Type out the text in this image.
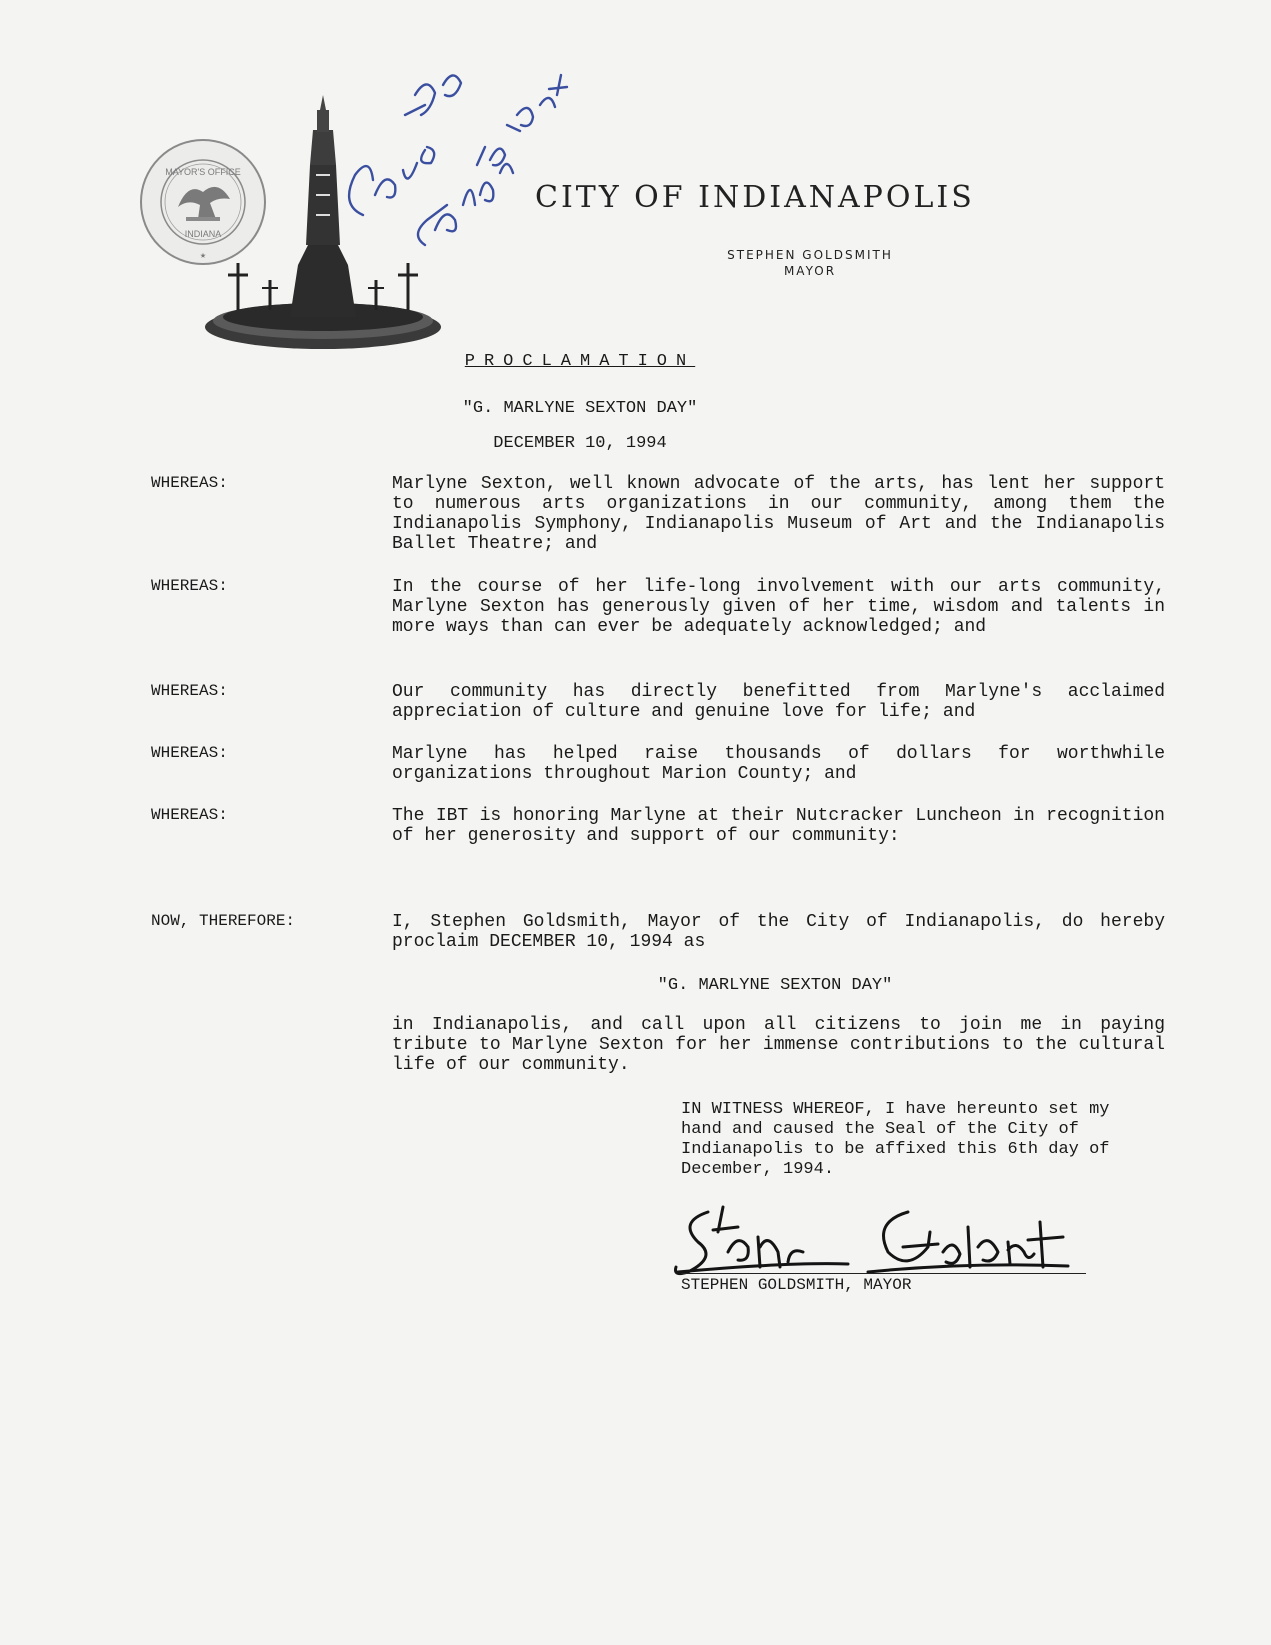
MAYOR'S OFFICE
INDIANA
★
CITY OF INDIANAPOLIS
STEPHEN GOLDSMITH
MAYOR
PROCLAMATION
"G. MARLYNE SEXTON DAY"
DECEMBER 10, 1994
WHEREAS:	Marlyne Sexton, well known advocate of the arts, has lent her support to numerous arts organizations in our community, among them the Indianapolis Symphony, Indianapolis Museum of Art and the Indianapolis Ballet Theatre; and
WHEREAS:	In the course of her life-long involvement with our arts community, Marlyne Sexton has generously given of her time, wisdom and talents in more ways than can ever be adequately acknowledged; and
WHEREAS:	Our community has directly benefitted from Marlyne's acclaimed appreciation of culture and genuine love for life; and
WHEREAS:	Marlyne has helped raise thousands of dollars for worthwhile organizations throughout Marion County; and
WHEREAS:	The IBT is honoring Marlyne at their Nutcracker Luncheon in recognition of her generosity and support of our community:
NOW, THEREFORE:	I, Stephen Goldsmith, Mayor of the City of Indianapolis, do hereby proclaim DECEMBER 10, 1994 as
"G. MARLYNE SEXTON DAY"
in Indianapolis, and call upon all citizens to join me in paying tribute to Marlyne Sexton for her immense contributions to the cultural life of our community.
IN WITNESS WHEREOF, I have hereunto set my hand and caused the Seal of the City of Indianapolis to be affixed this 6th day of December, 1994.
STEPHEN GOLDSMITH, MAYOR
